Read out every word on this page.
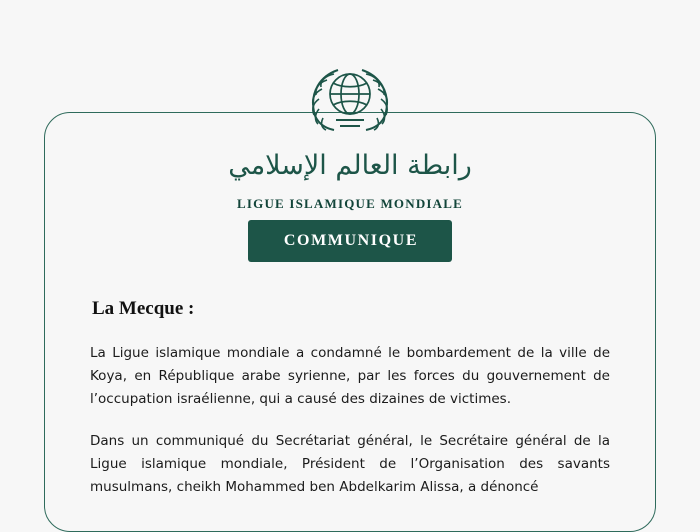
رابطة العالم الإسلامي
LIGUE ISLAMIQUE MONDIALE
COMMUNIQUE
La Mecque :

La Ligue islamique mondiale a condamné le bombardement de la ville de Koya, en République arabe syrienne, par les forces du gouvernement de l’occupation israélienne, qui a causé des dizaines de victimes.

Dans un communiqué du Secrétariat général, le Secrétaire général de la Ligue islamique mondiale, Président de l’Organisation des savants musulmans, cheikh Mohammed ben Abdelkarim Alissa, a dénoncé
